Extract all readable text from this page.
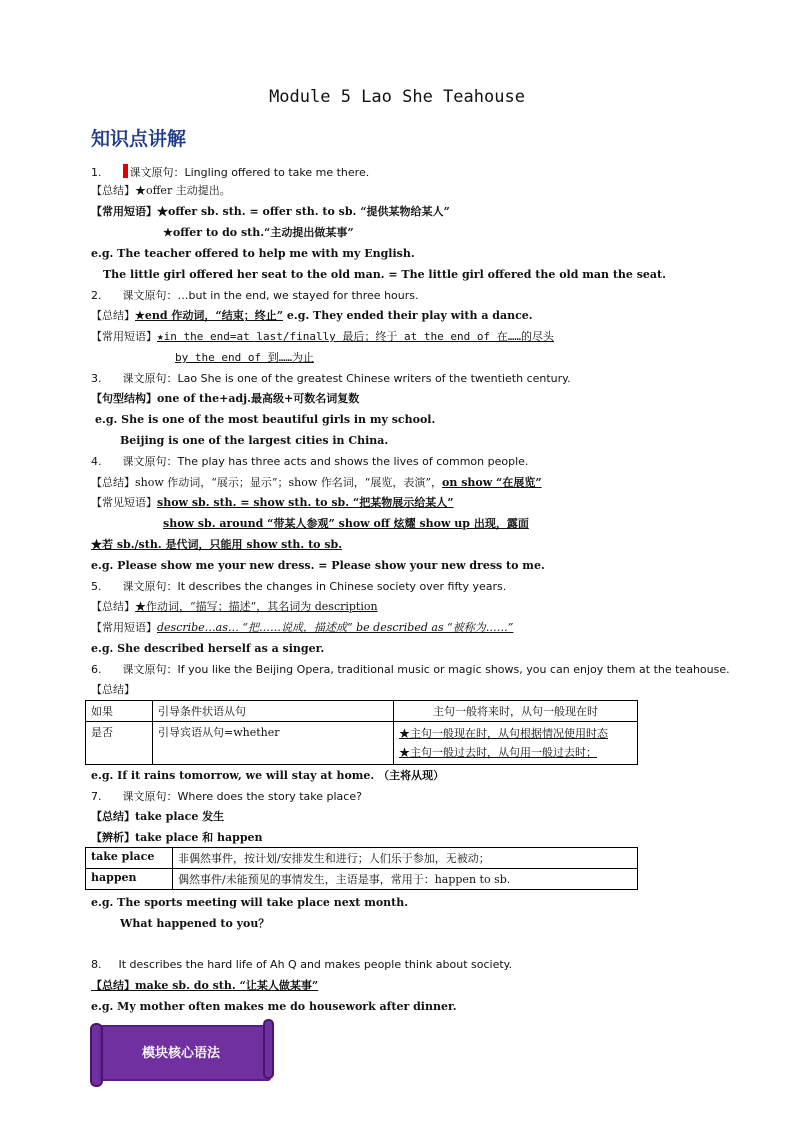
Module 5 Lao She Teahouse
知识点讲解
1.	课文原句：Lingling offered to take me there.
【总结】★offer 主动提出。
【常用短语】★offer sb. sth. = offer sth. to sb. “提供某物给某人”
★offer to do sth.“主动提出做某事”
e.g. The teacher offered to help me with my English.
The little girl offered her seat to the old man. = The little girl offered the old man the seat.
2. 课文原句：…but in the end, we stayed for three hours.
【总结】★end 作动词，“结束；终止” e.g. They ended their play with a dance.
【常用短语】★in the end=at last/finally 最后；终于 at the end of 在……的尽头
by the end of 到……为止
3. 课文原句：Lao She is one of the greatest Chinese writers of the twentieth century.
【句型结构】one of the+adj.最高级+可数名词复数
e.g. She is one of the most beautiful girls in my school.
Beijing is one of the largest cities in China.
4. 课文原句：The play has three acts and shows the lives of common people.
【总结】show 作动词，“展示；显示”；show 作名词，“展览，表演”，on show “在展览”
【常见短语】show sb. sth. = show sth. to sb. “把某物展示给某人”
show sb. around “带某人参观” show off 炫耀 show up 出现，露面
★若 sb./sth. 是代词，只能用 show sth. to sb.
e.g. Please show me your new dress. = Please show your new dress to me.
5. 课文原句：It describes the changes in Chinese society over fifty years.
【总结】★作动词，“描写；描述”，其名词为 description
【常用短语】describe…as… “把……说成，描述成” be described as “被称为……”
e.g. She described herself as a singer.
6. 课文原句：If you like the Beijing Opera, traditional music or magic shows, you can enjoy them at the teahouse.
【总结】
如果	引导条件状语从句	主句一般将来时，从句一般现在时
是否	引导宾语从句=whether	★主句一般现在时，从句根据情况使用时态
★主句一般过去时，从句用一般过去时；
e.g. If it rains tomorrow, we will stay at home. （主将从现）
7. 课文原句：Where does the story take place?
【总结】take place 发生
【辨析】take place 和 happen
take place	非偶然事件，按计划/安排发生和进行；人们乐于参加，无被动；
happen	偶然事件/未能预见的事情发生，主语是事，常用于：happen to sb.
e.g. The sports meeting will take place next month.
What happened to you？
8. It describes the hard life of Ah Q and makes people think about society.
【总结】make sb. do sth. “让某人做某事”
e.g. My mother often makes me do housework after dinner.
模块核心语法
